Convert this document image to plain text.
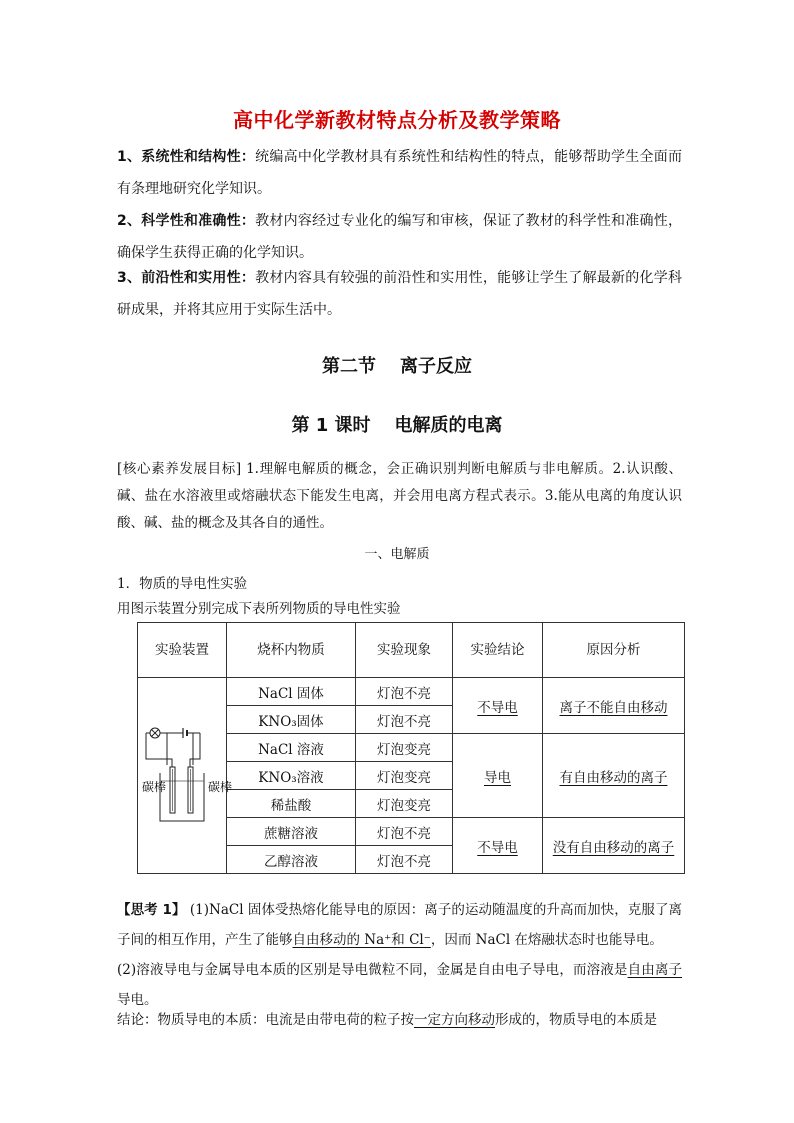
高中化学新教材特点分析及教学策略
1、系统性和结构性：统编高中化学教材具有系统性和结构性的特点，能够帮助学生全面而有条理地研究化学知识。
2、科学性和准确性：教材内容经过专业化的编写和审核，保证了教材的科学性和准确性，确保学生获得正确的化学知识。
3、前沿性和实用性：教材内容具有较强的前沿性和实用性，能够让学生了解最新的化学科研成果，并将其应用于实际生活中。
第二节 离子反应
第 1 课时 电解质的电离
[核心素养发展目标] 1.理解电解质的概念，会正确识别判断电解质与非电解质。2.认识酸、碱、盐在水溶液里或熔融状态下能发生电离，并会用电离方程式表示。3.能从电离的角度认识酸、碱、盐的概念及其各自的通性。
一、电解质
1．物质的导电性实验
用图示装置分别完成下表所列物质的导电性实验
实验装置	烧杯内物质	实验现象	实验结论	原因分析

碳棒 碳棒	NaCl 固体	灯泡不亮	不导电	离子不能自由移动
	KNO₃固体	灯泡不亮		
	NaCl 溶液	灯泡变亮	导电	有自由移动的离子
	KNO₃溶液	灯泡变亮		
	稀盐酸	灯泡变亮		
	蔗糖溶液	灯泡不亮	不导电	没有自由移动的离子
	乙醇溶液	灯泡不亮		
【思考 1】 (1)NaCl 固体受热熔化能导电的原因：离子的运动随温度的升高而加快，克服了离子间的相互作用，产生了能够自由移动的 Na⁺和 Cl⁻，因而 NaCl 在熔融状态时也能导电。
(2)溶液导电与金属导电本质的区别是导电微粒不同，金属是自由电子导电，而溶液是自由离子导电。
结论：物质导电的本质：电流是由带电荷的粒子按一定方向移动形成的，物质导电的本质是
